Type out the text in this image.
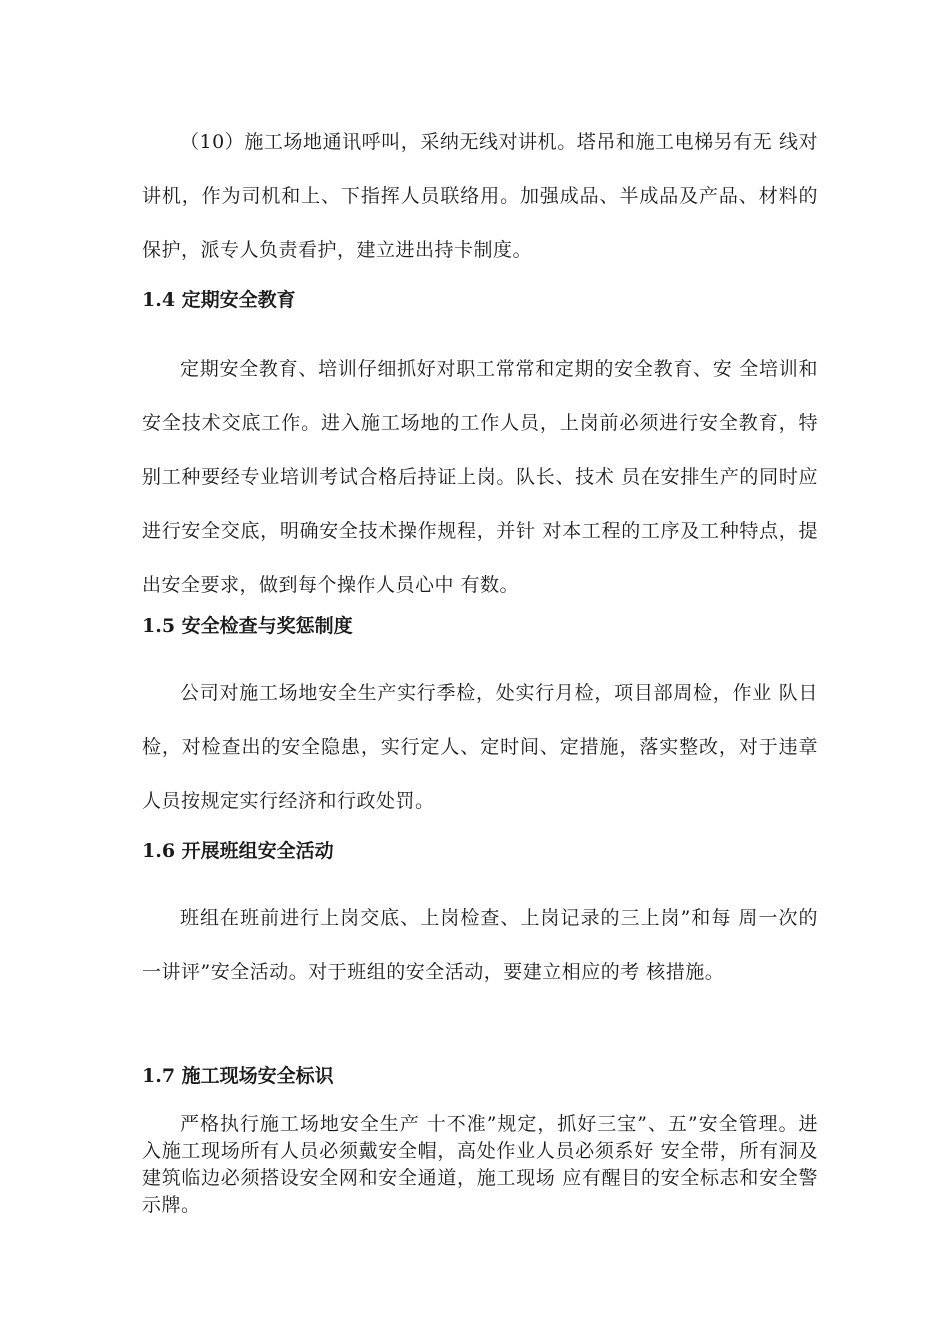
（10）施工场地通讯呼叫，采纳无线对讲机。塔吊和施工电梯另有无 线对讲机，作为司机和上、下指挥人员联络用。加强成品、半成品及产品、材料的保护，派专人负责看护，建立进出持卡制度。

1.4 定期安全教育

定期安全教育、培训仔细抓好对职工常常和定期的安全教育、安 全培训和安全技术交底工作。进入施工场地的工作人员，上岗前必须进行安全教育，特别工种要经专业培训考试合格后持证上岗。队长、技术 员在安排生产的同时应进行安全交底，明确安全技术操作规程，并针 对本工程的工序及工种特点，提出安全要求，做到每个操作人员心中 有数。

1.5 安全检查与奖惩制度

公司对施工场地安全生产实行季检，处实行月检，项目部周检，作业 队日检，对检查出的安全隐患，实行定人、定时间、定措施，落实整改，对于违章人员按规定实行经济和行政处罚。

1.6 开展班组安全活动

班组在班前进行上岗交底、上岗检查、上岗记录的三上岗”和每 周一次的一讲评”安全活动。对于班组的安全活动，要建立相应的考 核措施。

1.7 施工现场安全标识

严格执行施工场地安全生产 十不准”规定，抓好三宝”、五”安全管理。进入施工现场所有人员必须戴安全帽，高处作业人员必须系好 安全带，所有洞及建筑临边必须搭设安全网和安全通道，施工现场 应有醒目的安全标志和安全警示牌。
